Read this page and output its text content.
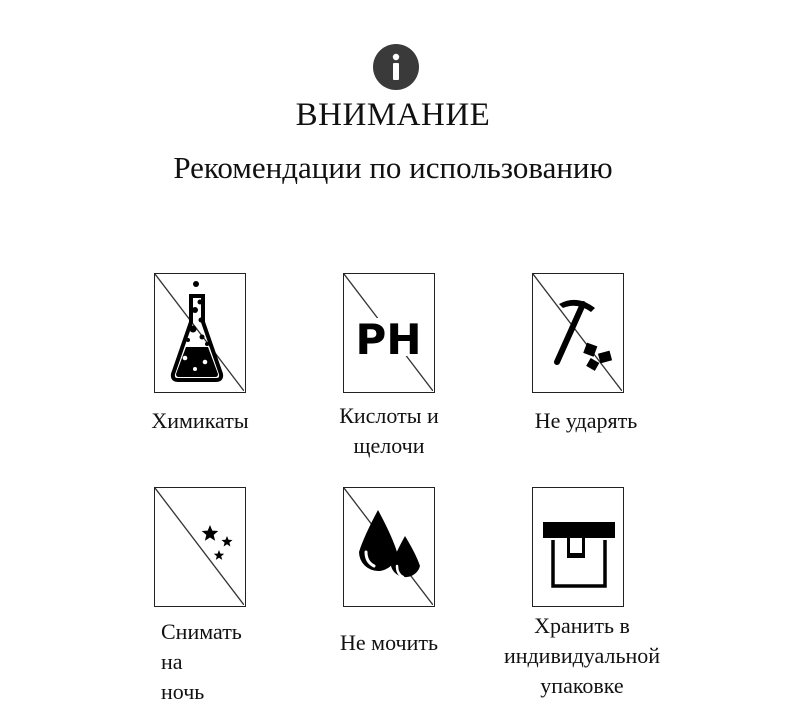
ВНИМАНИЕ
Рекомендации по использованию
Химикаты
PH
Кислоты и
щелочи
Не ударять
Снимать
на ночь
Не мочить
Хранить в
индивидуальной
упаковке
